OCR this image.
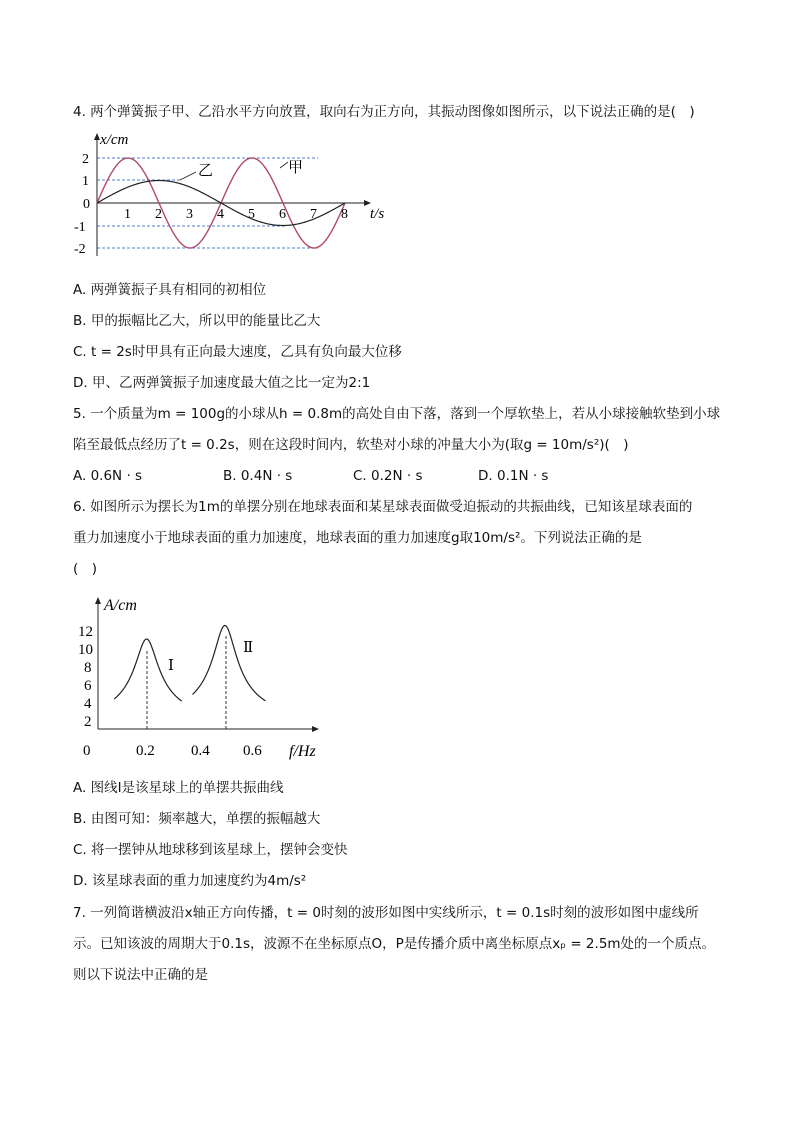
4. 两个弹簧振子甲、乙沿水平方向放置，取向右为正方向，其振动图像如图所示，以下说法正确的是(　)
x/cm
t/s
2
1
0
-1
-2
1 2 3 4 5 6 7 8
乙	甲
A. 两弹簧振子具有相同的初相位
B. 甲的振幅比乙大，所以甲的能量比乙大
C. t = 2s时甲具有正向最大速度，乙具有负向最大位移
D. 甲、乙两弹簧振子加速度最大值之比一定为2:1
5. 一个质量为m = 100g的小球从h = 0.8m的高处自由下落，落到一个厚软垫上，若从小球接触软垫到小球
陷至最低点经历了t = 0.2s，则在这段时间内，软垫对小球的冲量大小为(取g = 10m/s²)(　)
A. 0.6N · s	B. 0.4N · s	C. 0.2N · s	D. 0.1N · s
6. 如图所示为摆长为1m的单摆分别在地球表面和某星球表面做受迫振动的共振曲线，已知该星球表面的
重力加速度小于地球表面的重力加速度，地球表面的重力加速度g取10m/s²。下列说法正确的是
(　)
A/cm
f/Hz
0
12
10
8
6
4
2
0.2 0.4 0.6
Ⅰ
Ⅱ
A. 图线I是该星球上的单摆共振曲线
B. 由图可知：频率越大，单摆的振幅越大
C. 将一摆钟从地球移到该星球上，摆钟会变快
D. 该星球表面的重力加速度约为4m/s²
7. 一列简谐横波沿x轴正方向传播，t = 0时刻的波形如图中实线所示，t = 0.1s时刻的波形如图中虚线所
示。已知该波的周期大于0.1s，波源不在坐标原点O，P是传播介质中离坐标原点xₚ = 2.5m处的一个质点。
则以下说法中正确的是
